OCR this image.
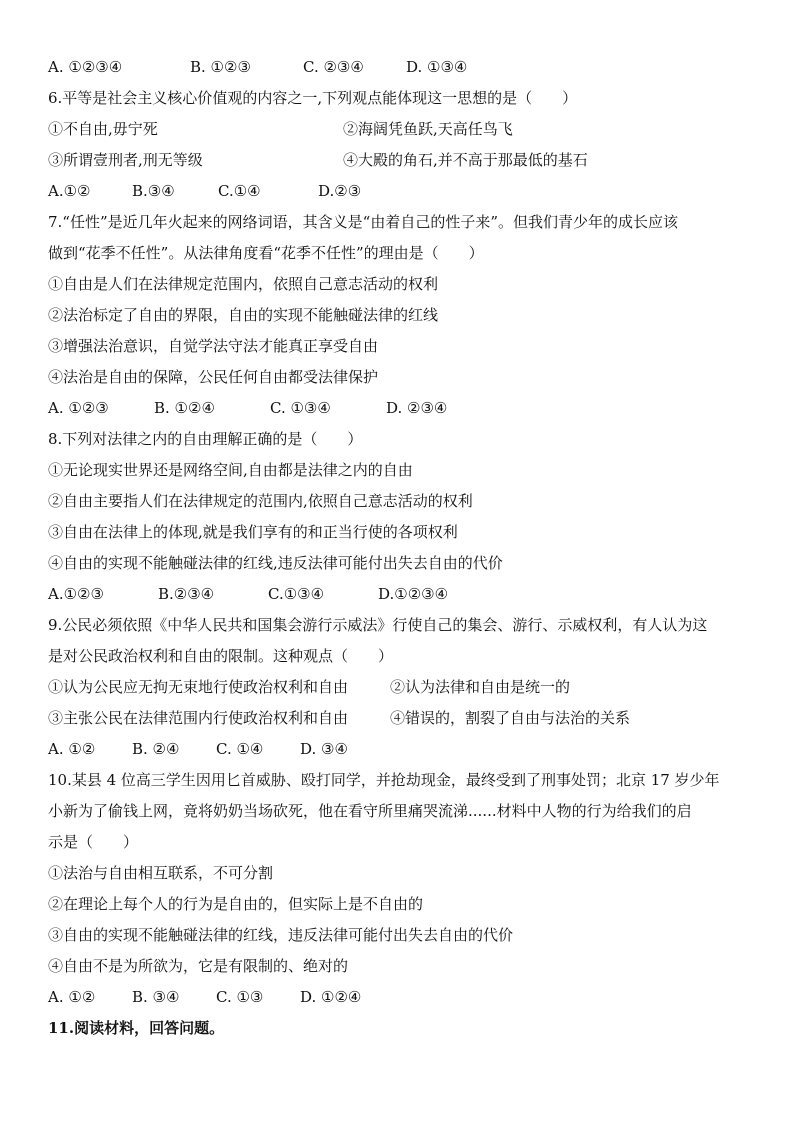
A. ①②③④	B. ①②③	C. ②③④	D. ①③④
6.平等是社会主义核心价值观的内容之一,下列观点能体现这一思想的是（　　）
①不自由,毋宁死	②海阔凭鱼跃,天高任鸟飞
③所谓壹刑者,刑无等级	④大殿的角石,并不高于那最低的基石
A.①②	B.③④	C.①④	D.②③
7.“任性”是近几年火起来的网络词语，其含义是“由着自己的性子来”。但我们青少年的成长应该
做到“花季不任性”。从法律角度看“花季不任性”的理由是（　　）
①自由是人们在法律规定范围内，依照自己意志活动的权利
②法治标定了自由的界限，自由的实现不能触碰法律的红线
③增强法治意识，自觉学法守法才能真正享受自由
④法治是自由的保障，公民任何自由都受法律保护
A. ①②③	B. ①②④	C. ①③④	D. ②③④
8.下列对法律之内的自由理解正确的是（　　）
①无论现实世界还是网络空间,自由都是法律之内的自由
②自由主要指人们在法律规定的范围内,依照自己意志活动的权利
③自由在法律上的体现,就是我们享有的和正当行使的各项权利
④自由的实现不能触碰法律的红线,违反法律可能付出失去自由的代价
A.①②③	B.②③④	C.①③④	D.①②③④
9.公民必须依照《中华人民共和国集会游行示威法》行使自己的集会、游行、示威权利，有人认为这
是对公民政治权利和自由的限制。这种观点（　　）
①认为公民应无拘无束地行使政治权利和自由	②认为法律和自由是统一的
③主张公民在法律范围内行使政治权利和自由	④错误的，割裂了自由与法治的关系
A. ①② B. ②④ C. ①④ D. ③④
10.某县 4 位高三学生因用匕首威胁、殴打同学，并抢劫现金，最终受到了刑事处罚；北京 17 岁少年
小新为了偷钱上网，竟将奶奶当场砍死，他在看守所里痛哭流涕......材料中人物的行为给我们的启
示是（　　）
①法治与自由相互联系，不可分割
②在理论上每个人的行为是自由的，但实际上是不自由的
③自由的实现不能触碰法律的红线，违反法律可能付出失去自由的代价
④自由不是为所欲为，它是有限制的、绝对的
A. ①② B. ③④ C. ①③ D. ①②④
11.阅读材料，回答问题。
